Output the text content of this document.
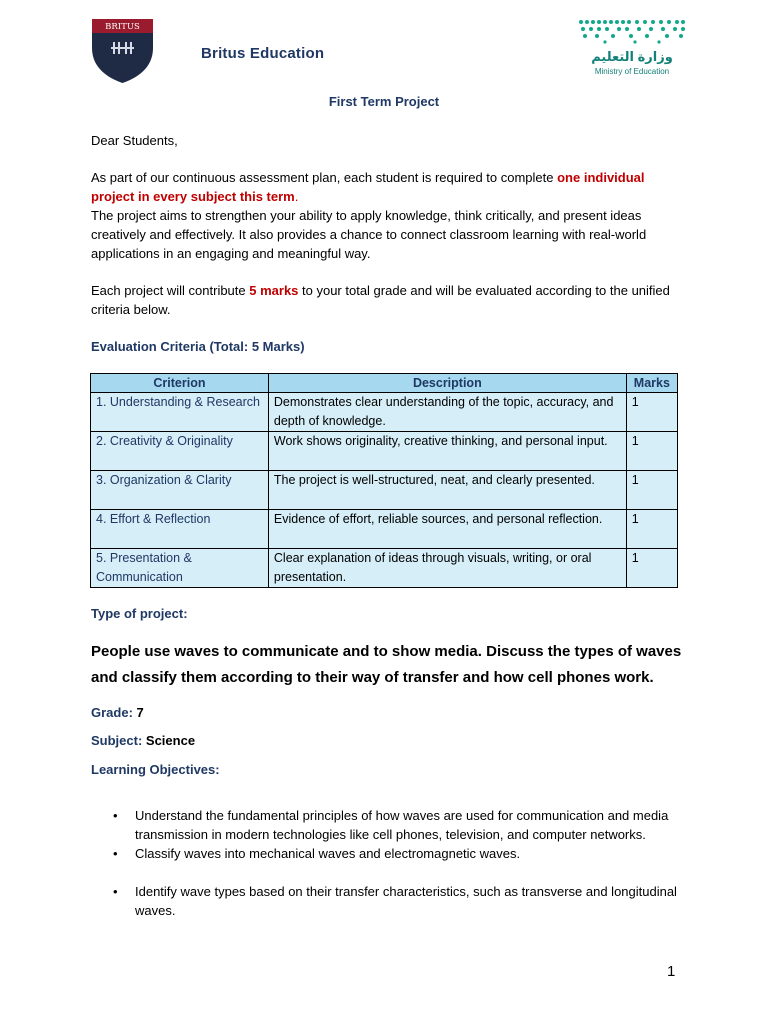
BRITUS
Britus Education	وزارة التعليم
Ministry of Education
First Term Project
Dear Students,
As part of our continuous assessment plan, each student is required to complete one individual project in every subject this term.
The project aims to strengthen your ability to apply knowledge, think critically, and present ideas creatively and effectively. It also provides a chance to connect classroom learning with real-world applications in an engaging and meaningful way.
Each project will contribute 5 marks to your total grade and will be evaluated according to the unified criteria below.
Evaluation Criteria (Total: 5 Marks)
Criterion	Description	Marks
1. Understanding & Research	Demonstrates clear understanding of the topic, accuracy, and depth of knowledge.	1
2. Creativity & Originality	Work shows originality, creative thinking, and personal input.	1
3. Organization & Clarity	The project is well-structured, neat, and clearly presented.	1
4. Effort & Reflection	Evidence of effort, reliable sources, and personal reflection.	1
5. Presentation & Communication	Clear explanation of ideas through visuals, writing, or oral presentation.	1
Type of project:
People use waves to communicate and to show media. Discuss the types of waves and classify them according to their way of transfer and how cell phones work.
Grade: 7
Subject: Science
Learning Objectives:
• Understand the fundamental principles of how waves are used for communication and media transmission in modern technologies like cell phones, television, and computer networks.
• Classify waves into mechanical waves and electromagnetic waves.
• Identify wave types based on their transfer characteristics, such as transverse and longitudinal waves.
1
